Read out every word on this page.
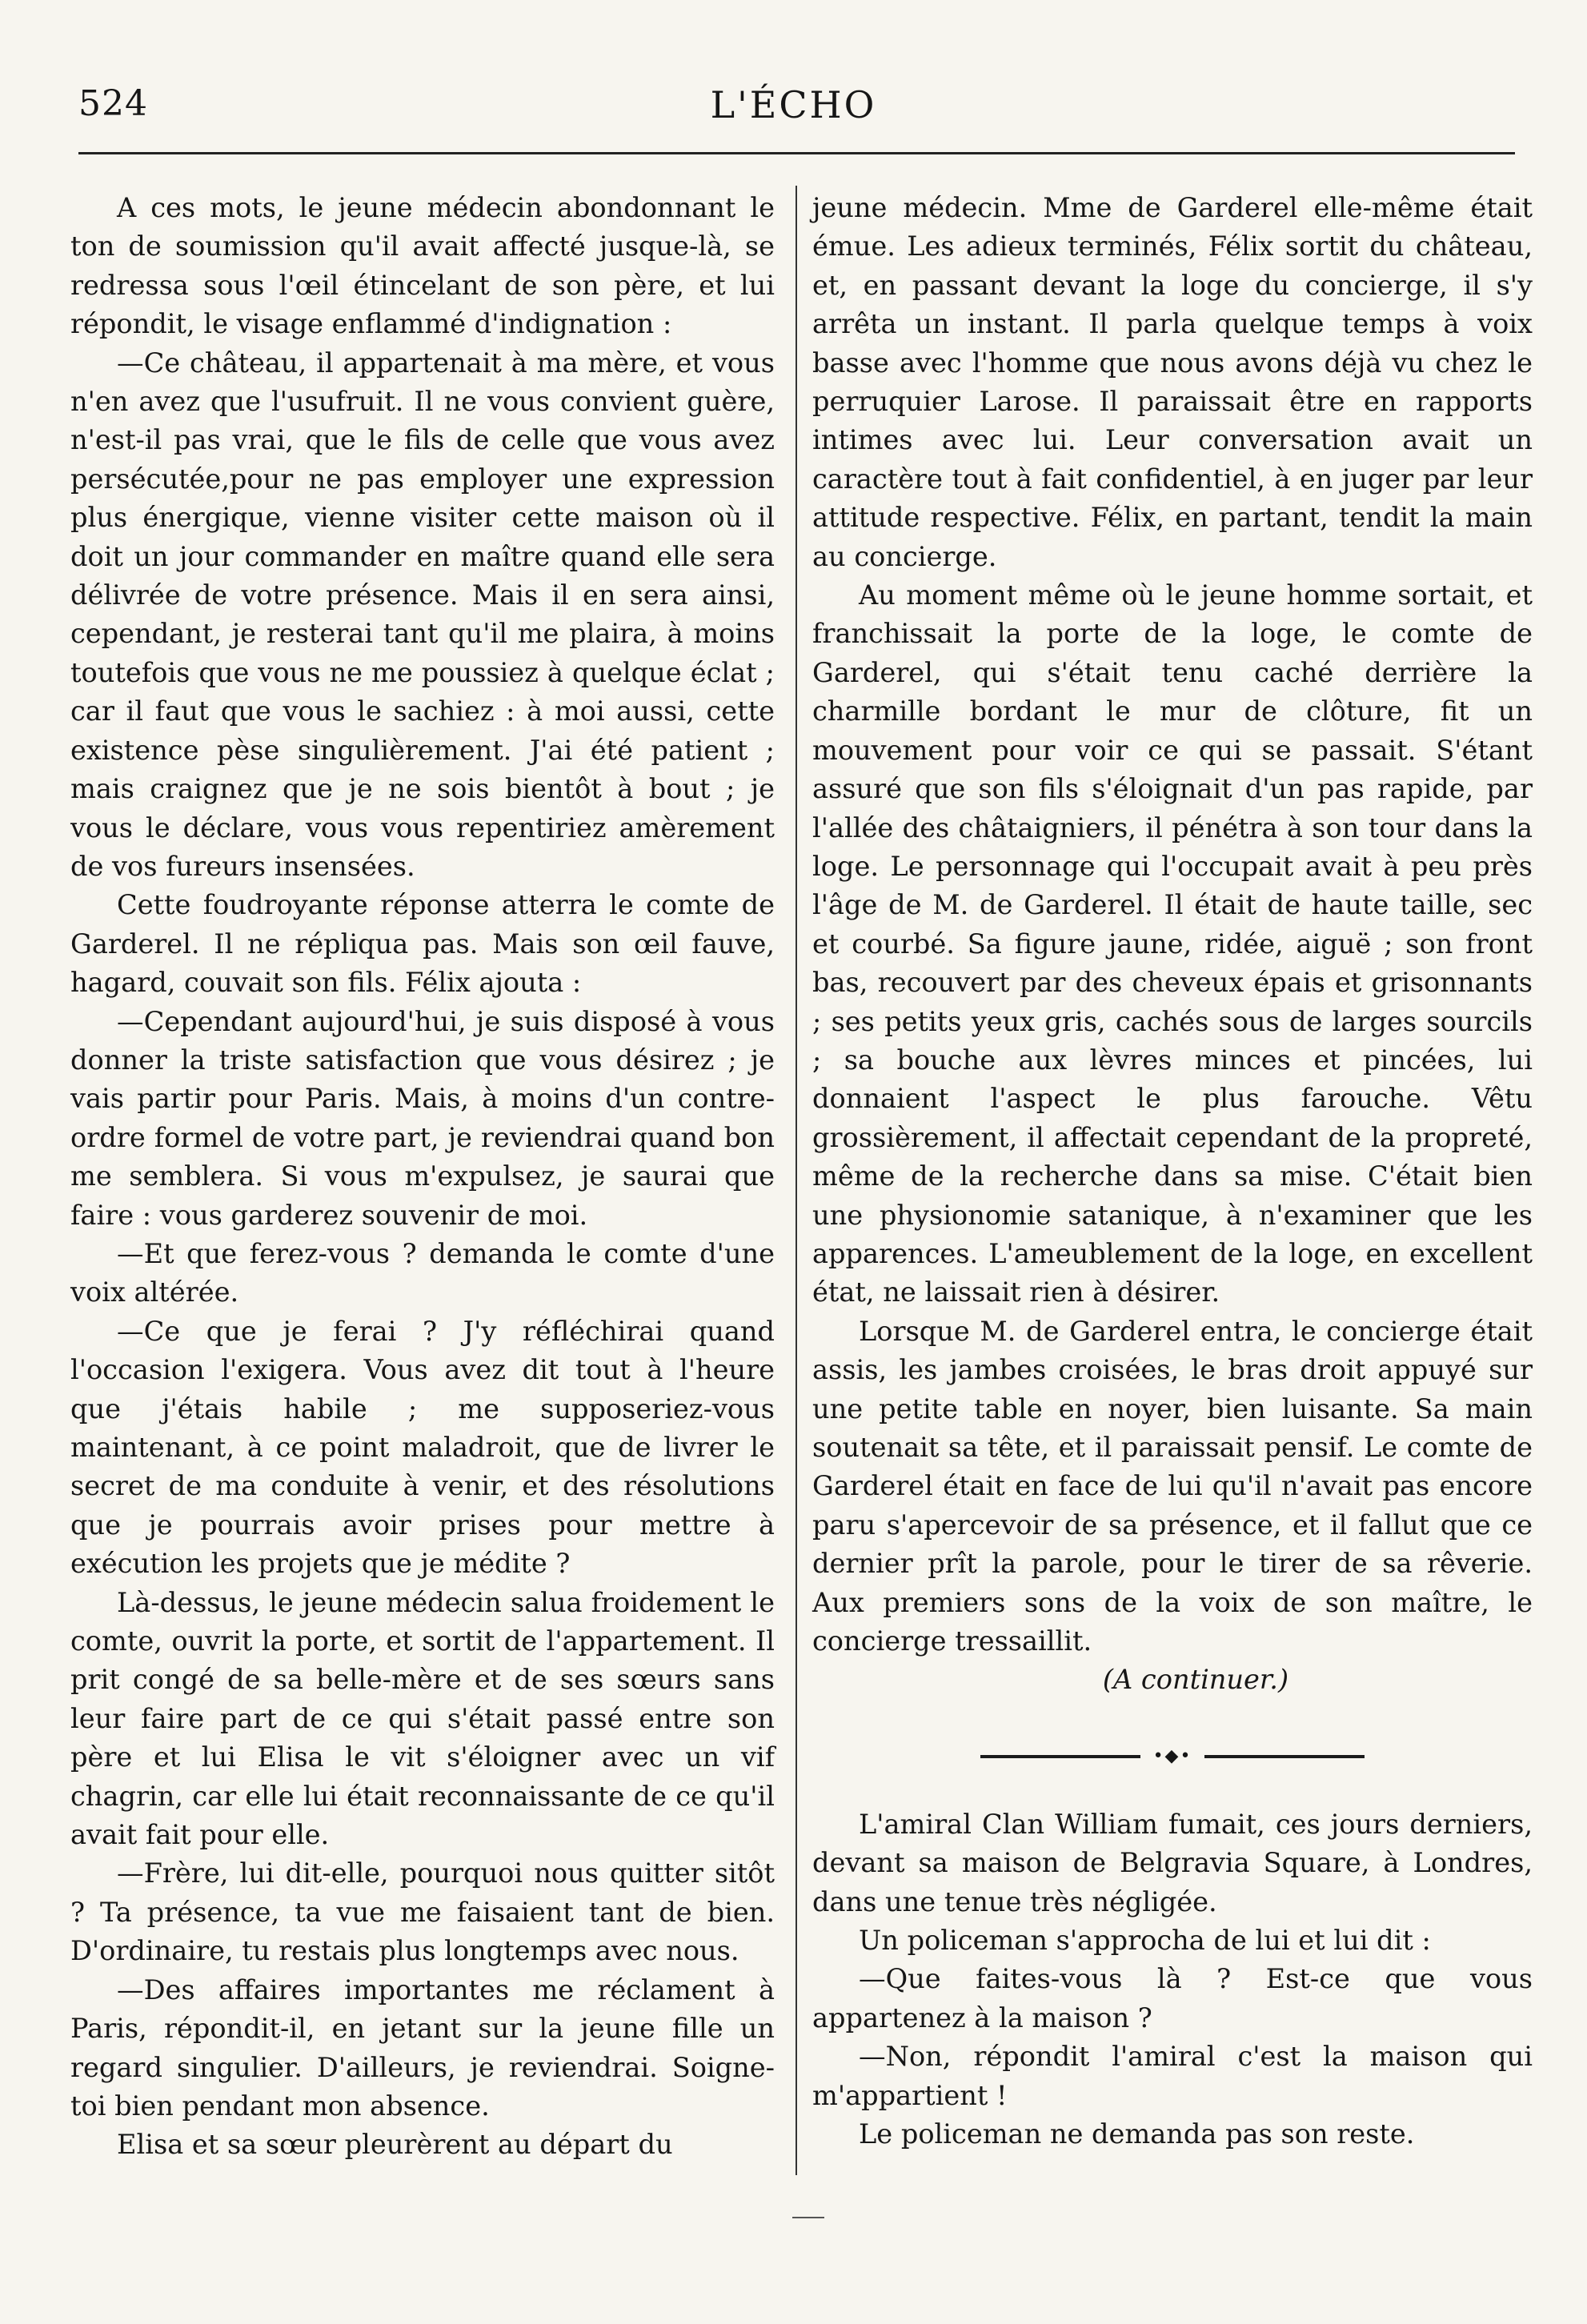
524	L'ÉCHO

A ces mots, le jeune médecin abondonnant le ton de soumission qu'il avait affecté jusque-là, se redressa sous l'œil étincelant de son père, et lui répondit, le visage enflammé d'indignation :

—Ce château, il appartenait à ma mère, et vous n'en avez que l'usufruit. Il ne vous convient guère, n'est-il pas vrai, que le fils de celle que vous avez persécutée,pour ne pas employer une expression plus énergique, vienne visiter cette maison où il doit un jour commander en maître quand elle sera délivrée de votre présence. Mais il en sera ainsi, cependant, je resterai tant qu'il me plaira, à moins toutefois que vous ne me poussiez à quelque éclat ; car il faut que vous le sachiez : à moi aussi, cette existence pèse singulièrement. J'ai été patient ; mais craignez que je ne sois bientôt à bout ; je vous le déclare, vous vous repentiriez amèrement de vos fureurs insensées.

Cette foudroyante réponse atterra le comte de Garderel. Il ne répliqua pas. Mais son œil fauve, hagard, couvait son fils. Félix ajouta :

—Cependant aujourd'hui, je suis disposé à vous donner la triste satisfaction que vous désirez ; je vais partir pour Paris. Mais, à moins d'un contre-ordre formel de votre part, je reviendrai quand bon me semblera. Si vous m'expulsez, je saurai que faire : vous garderez souvenir de moi.

—Et que ferez-vous ? demanda le comte d'une voix altérée.

—Ce que je ferai ? J'y réfléchirai quand l'occasion l'exigera. Vous avez dit tout à l'heure que j'étais habile ; me supposeriez-vous maintenant, à ce point maladroit, que de livrer le secret de ma conduite à venir, et des résolutions que je pourrais avoir prises pour mettre à exécution les projets que je médite ?

Là-dessus, le jeune médecin salua froidement le comte, ouvrit la porte, et sortit de l'appartement. Il prit congé de sa belle-mère et de ses sœurs sans leur faire part de ce qui s'était passé entre son père et lui Elisa le vit s'éloigner avec un vif chagrin, car elle lui était reconnaissante de ce qu'il avait fait pour elle.

—Frère, lui dit-elle, pourquoi nous quitter sitôt ? Ta présence, ta vue me faisaient tant de bien. D'ordinaire, tu restais plus longtemps avec nous.

—Des affaires importantes me réclament à Paris, répondit-il, en jetant sur la jeune fille un regard singulier. D'ailleurs, je reviendrai. Soigne-toi bien pendant mon absence.

Elisa et sa sœur pleurèrent au départ du

jeune médecin. Mme de Garderel elle-même était émue. Les adieux terminés, Félix sortit du château, et, en passant devant la loge du concierge, il s'y arrêta un instant. Il parla quelque temps à voix basse avec l'homme que nous avons déjà vu chez le perruquier Larose. Il paraissait être en rapports intimes avec lui. Leur conversation avait un caractère tout à fait confidentiel, à en juger par leur attitude respective. Félix, en partant, tendit la main au concierge.

Au moment même où le jeune homme sortait, et franchissait la porte de la loge, le comte de Garderel, qui s'était tenu caché derrière la charmille bordant le mur de clôture, fit un mouvement pour voir ce qui se passait. S'étant assuré que son fils s'éloignait d'un pas rapide, par l'allée des châtaigniers, il pénétra à son tour dans la loge. Le personnage qui l'occupait avait à peu près l'âge de M. de Garderel. Il était de haute taille, sec et courbé. Sa figure jaune, ridée, aiguë ; son front bas, recouvert par des cheveux épais et grisonnants ; ses petits yeux gris, cachés sous de larges sourcils ; sa bouche aux lèvres minces et pincées, lui donnaient l'aspect le plus farouche. Vêtu grossièrement, il affectait cependant de la propreté, même de la recherche dans sa mise. C'était bien une physionomie satanique, à n'examiner que les apparences. L'ameublement de la loge, en excellent état, ne laissait rien à désirer.

Lorsque M. de Garderel entra, le concierge était assis, les jambes croisées, le bras droit appuyé sur une petite table en noyer, bien luisante. Sa main soutenait sa tête, et il paraissait pensif. Le comte de Garderel était en face de lui qu'il n'avait pas encore paru s'apercevoir de sa présence, et il fallut que ce dernier prît la parole, pour le tirer de sa rêverie. Aux premiers sons de la voix de son maître, le concierge tressaillit.

(A continuer.)

•◆•

L'amiral Clan William fumait, ces jours derniers, devant sa maison de Belgravia Square, à Londres, dans une tenue très négligée.

Un policeman s'approcha de lui et lui dit :

—Que faites-vous là ? Est-ce que vous appartenez à la maison ?

—Non, répondit l'amiral c'est la maison qui m'appartient !

Le policeman ne demanda pas son reste.
